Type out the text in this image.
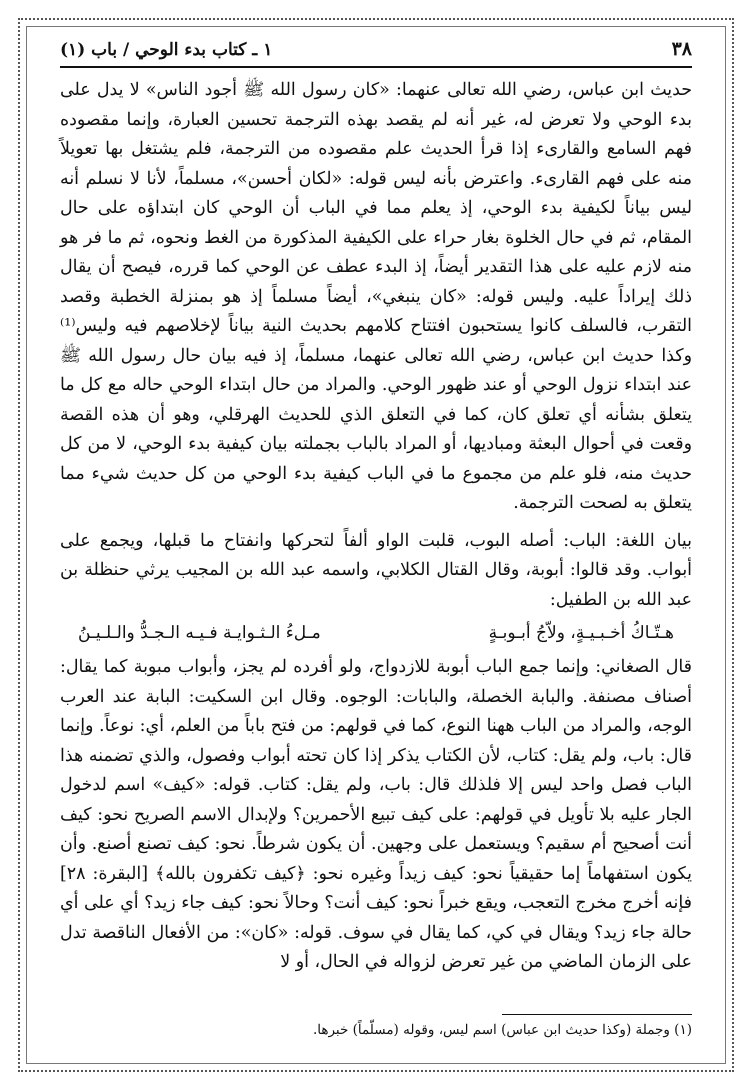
٣٨
١ ـ كتاب بدء الوحي / باب (١)

حديث ابن عباس، رضي الله تعالى عنهما: «كان رسول الله ﷺ أجود الناس» لا يدل على بدء الوحي ولا تعرض له، غير أنه لم يقصد بهذه الترجمة تحسين العبارة، وإنما مقصوده فهم السامع والقارىء إذا قرأ الحديث علم مقصوده من الترجمة، فلم يشتغل بها تعويلاً منه على فهم القارىء. واعترض بأنه ليس قوله: «لكان أحسن»، مسلماً، لأنا لا نسلم أنه ليس بياناً لكيفية بدء الوحي، إذ يعلم مما في الباب أن الوحي كان ابتداؤه على حال المقام، ثم في حال الخلوة بغار حراء على الكيفية المذكورة من الغط ونحوه، ثم ما فر هو منه لازم عليه على هذا التقدير أيضاً، إذ البدء عطف عن الوحي كما قرره، فيصح أن يقال ذلك إيراداً عليه. وليس قوله: «كان ينبغي»، أيضاً مسلماً إذ هو بمنزلة الخطبة وقصد التقرب، فالسلف كانوا يستحبون افتتاح كلامهم بحديث النية بياناً لإخلاصهم فيه وليس⁽¹⁾ وكذا حديث ابن عباس، رضي الله تعالى عنهما، مسلماً، إذ فيه بيان حال رسول الله ﷺ عند ابتداء نزول الوحي أو عند ظهور الوحي. والمراد من حال ابتداء الوحي حاله مع كل ما يتعلق بشأنه أي تعلق كان، كما في التعلق الذي للحديث الهرقلي، وهو أن هذه القصة وقعت في أحوال البعثة ومباديها، أو المراد بالباب بجملته بيان كيفية بدء الوحي، لا من كل حديث منه، فلو علم من مجموع ما في الباب كيفية بدء الوحي من كل حديث شيء مما يتعلق به لصحت الترجمة.

بيان اللغة: الباب: أصله البوب، قلبت الواو ألفاً لتحركها وانفتاح ما قبلها، ويجمع على أبواب. وقد قالوا: أبوبة، وقال القتال الكلابي، واسمه عبد الله بن المجيب يرثي حنظلة بن عبد الله بن الطفيل:

هـتّـاكُ أخـبـيـةٍ، ولاّجُ أبـوبـةٍ
مـلءُ الـثـوايـة فـيـه الـجـدُّ والـلـيـنُ

قال الصغاني: وإنما جمع الباب أبوبة للازدواج، ولو أفرده لم يجز، وأبواب مبوبة كما يقال: أصناف مصنفة. والبابة الخصلة، والبابات: الوجوه. وقال ابن السكيت: البابة عند العرب الوجه، والمراد من الباب ههنا النوع، كما في قولهم: من فتح باباً من العلم، أي: نوعاً. وإنما قال: باب، ولم يقل: كتاب، لأن الكتاب يذكر إذا كان تحته أبواب وفصول، والذي تضمنه هذا الباب فصل واحد ليس إلا فلذلك قال: باب، ولم يقل: كتاب. قوله: «كيف» اسم لدخول الجار عليه بلا تأويل في قولهم: على كيف تبيع الأحمرين؟ ولإبدال الاسم الصريح نحو: كيف أنت أصحيح أم سقيم؟ ويستعمل على وجهين. أن يكون شرطاً. نحو: كيف تصنع أصنع. وأن يكون استفهاماً إما حقيقياً نحو: كيف زيداً وغيره نحو: ﴿كيف تكفرون بالله﴾ [البقرة: ٢٨] فإنه أخرج مخرج التعجب، ويقع خبراً نحو: كيف أنت؟ وحالاً نحو: كيف جاء زيد؟ أي على أي حالة جاء زيد؟ ويقال في كي، كما يقال في سوف. قوله: «كان»: من الأفعال الناقصة تدل على الزمان الماضي من غير تعرض لزواله في الحال، أو لا

(١) وجملة (وكذا حديث ابن عباس) اسم ليس، وقوله (مسلّماً) خبرها.
